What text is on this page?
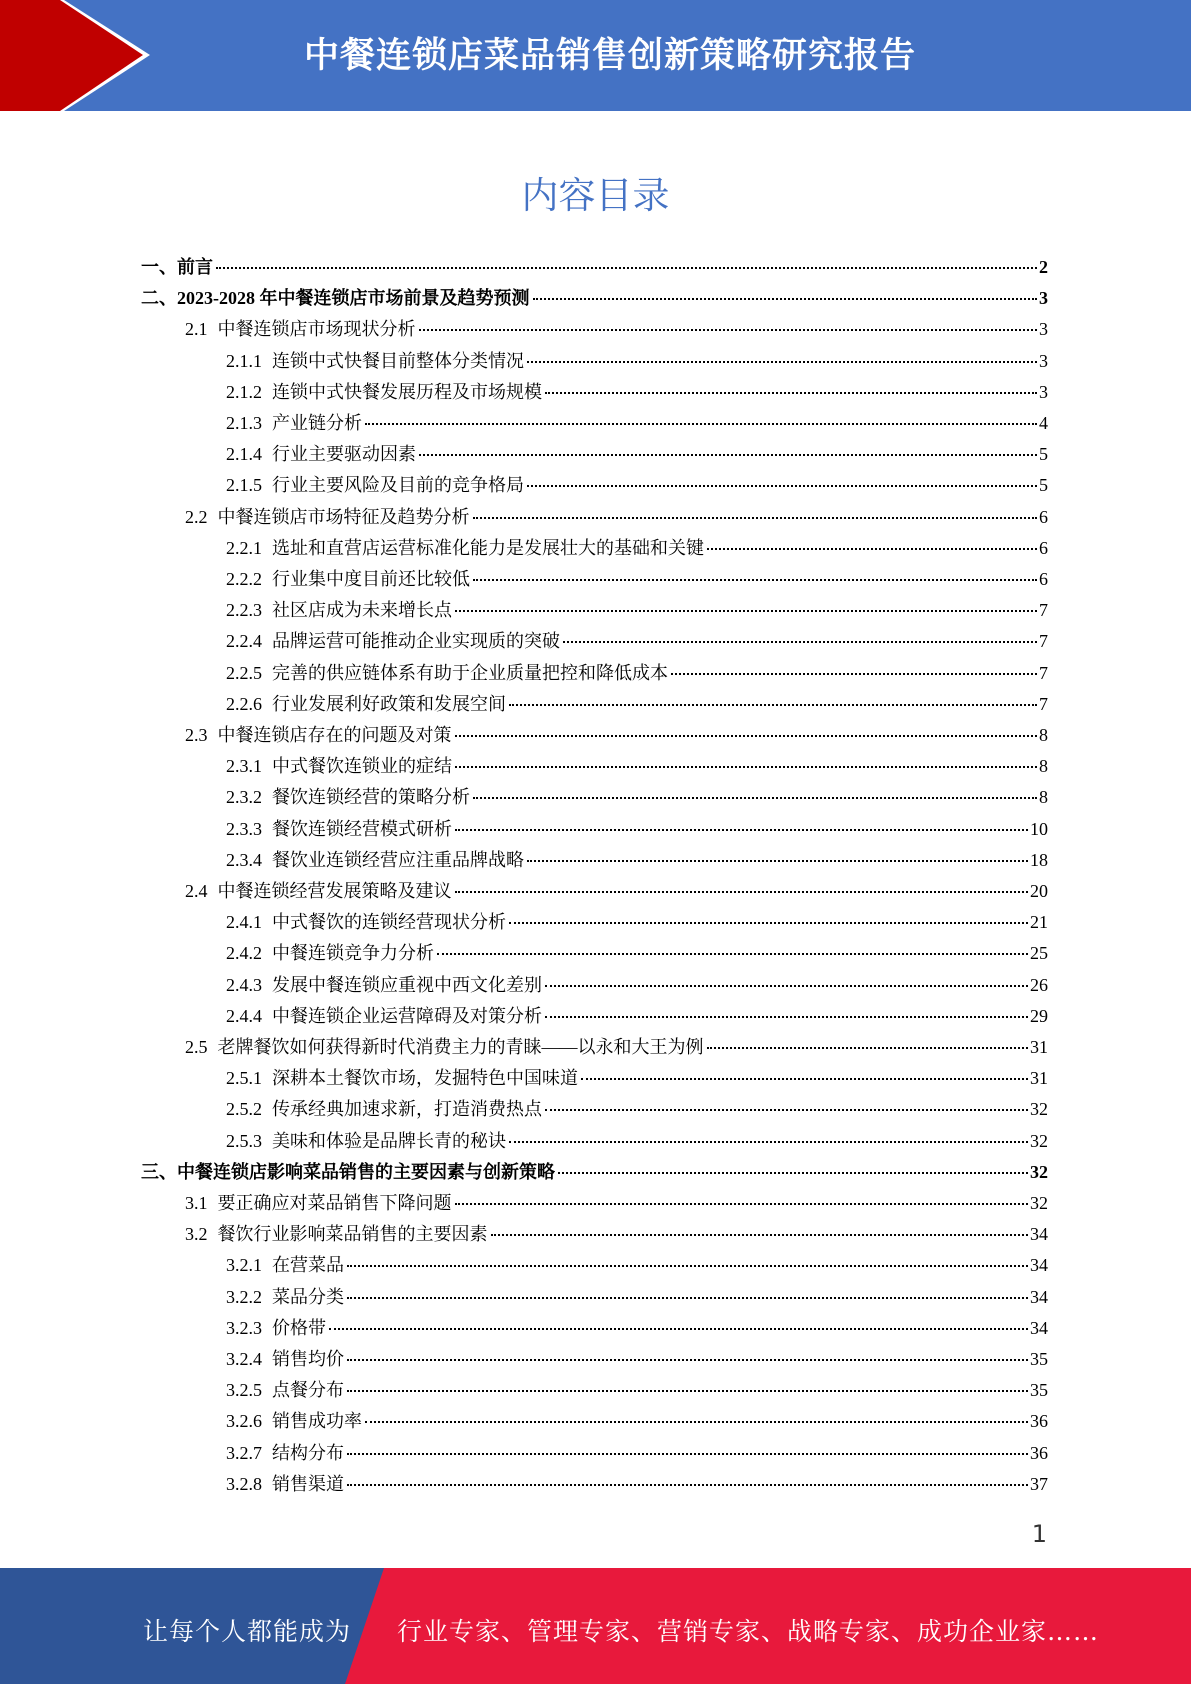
中餐连锁店菜品销售创新策略研究报告
内容目录
一、 前言	2
二、 2023-2028 年中餐连锁店市场前景及趋势预测	3
2.1 中餐连锁店市场现状分析	3
2.1.1 连锁中式快餐目前整体分类情况	3
2.1.2 连锁中式快餐发展历程及市场规模	3
2.1.3 产业链分析	4
2.1.4 行业主要驱动因素	5
2.1.5 行业主要风险及目前的竞争格局	5
2.2 中餐连锁店市场特征及趋势分析	6
2.2.1 选址和直营店运营标准化能力是发展壮大的基础和关键	6
2.2.2 行业集中度目前还比较低	6
2.2.3 社区店成为未来增长点	7
2.2.4 品牌运营可能推动企业实现质的突破	7
2.2.5 完善的供应链体系有助于企业质量把控和降低成本	7
2.2.6 行业发展利好政策和发展空间	7
2.3 中餐连锁店存在的问题及对策	8
2.3.1 中式餐饮连锁业的症结	8
2.3.2 餐饮连锁经营的策略分析	8
2.3.3 餐饮连锁经营模式研析	10
2.3.4 餐饮业连锁经营应注重品牌战略	18
2.4 中餐连锁经营发展策略及建议	20
2.4.1 中式餐饮的连锁经营现状分析	21
2.4.2 中餐连锁竞争力分析	25
2.4.3 发展中餐连锁应重视中西文化差别	26
2.4.4 中餐连锁企业运营障碍及对策分析	29
2.5 老牌餐饮如何获得新时代消费主力的青睐——以永和大王为例	31
2.5.1 深耕本土餐饮市场，发掘特色中国味道	31
2.5.2 传承经典加速求新，打造消费热点	32
2.5.3 美味和体验是品牌长青的秘诀	32
三、 中餐连锁店影响菜品销售的主要因素与创新策略	32
3.1 要正确应对菜品销售下降问题	32
3.2 餐饮行业影响菜品销售的主要因素	34
3.2.1 在营菜品	34
3.2.2 菜品分类	34
3.2.3 价格带	34
3.2.4 销售均价	35
3.2.5 点餐分布	35
3.2.6 销售成功率	36
3.2.7 结构分布	36
3.2.8 销售渠道	37
1
让每个人都能成为 行业专家、管理专家、营销专家、战略专家、成功企业家……
